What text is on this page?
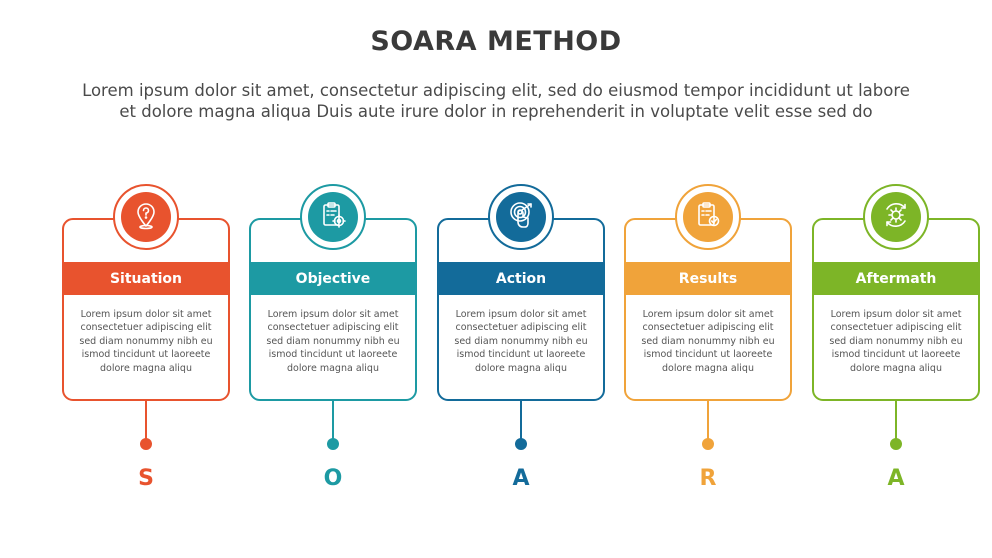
SOARA METHOD
Lorem ipsum dolor sit amet, consectetur adipiscing elit, sed do eiusmod tempor incididunt ut labore
et dolore magna aliqua Duis aute irure dolor in reprehenderit in voluptate velit esse sed do
Situation
Lorem ipsum dolor sit amet
consectetuer adipiscing elit
sed diam nonummy nibh eu
ismod tincidunt ut laoreete
dolore magna aliqu
S
Objective
Lorem ipsum dolor sit amet
consectetuer adipiscing elit
sed diam nonummy nibh eu
ismod tincidunt ut laoreete
dolore magna aliqu
O
Action
Lorem ipsum dolor sit amet
consectetuer adipiscing elit
sed diam nonummy nibh eu
ismod tincidunt ut laoreete
dolore magna aliqu
A
Results
Lorem ipsum dolor sit amet
consectetuer adipiscing elit
sed diam nonummy nibh eu
ismod tincidunt ut laoreete
dolore magna aliqu
R
Aftermath
Lorem ipsum dolor sit amet
consectetuer adipiscing elit
sed diam nonummy nibh eu
ismod tincidunt ut laoreete
dolore magna aliqu
A
